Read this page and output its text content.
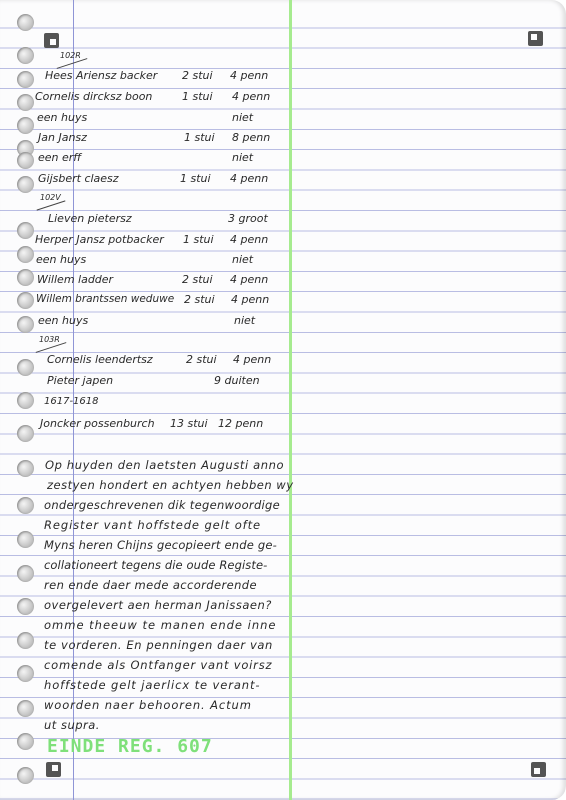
102R
102V
103R
Hees Ariensz backer 2 stui 4 penn
Cornelis dircksz boon	1 stui 4 penn
een huys	niet
Jan Jansz	1 stui 8 penn
een erff	niet
Gijsbert claesz	1 stui 4 penn
Lieven pietersz	3 groot
Herper Jansz potbacker 1 stui 4 penn
een huys	niet
Willem ladder	2 stui 4 penn
Willem brantssen weduwe 2 stui 4 penn
een huys	niet
Cornelis leendertsz	2 stui 4 penn
Pieter japen	9 duiten
1617-1618
Joncker possenburch 13 stui 12 penn
Op huyden den laetsten Augusti anno
zestyen hondert en achtyen hebben wy
ondergeschrevenen dik tegenwoordige
Register vant hoffstede gelt ofte
Myns heren Chijns gecopieert ende ge-
collationeert tegens die oude Registe-
ren ende daer mede accorderende
overgelevert aen herman Janissaen?
omme theeuw te manen ende inne
te vorderen. En penningen daer van
comende als Ontfanger vant voirsz
hoffstede gelt jaerlicx te verant-
woorden naer behooren. Actum
ut supra.
EINDE REG. 607
